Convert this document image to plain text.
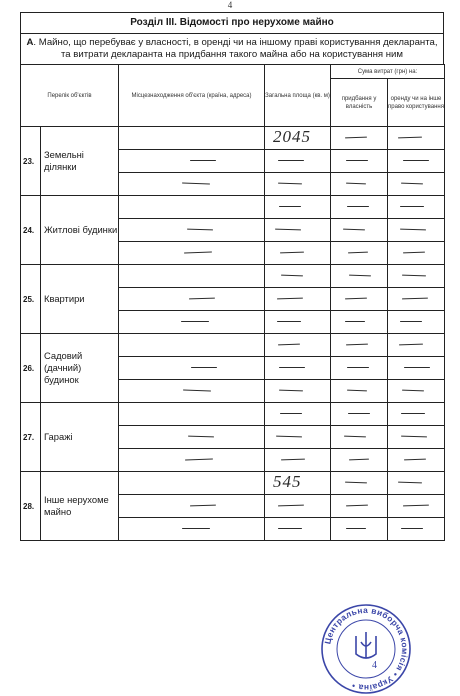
4
Розділ ІІІ. Відомості про нерухоме майно
А. Майно, що перебуває у власності, в оренді чи на іншому праві користування декларанта,
та витрати декларанта на придбання такого майна або на користування ним
Перелік об'єктів		Місцезнаходження об'єкта (країна, адреса)	Загальна площа (кв. м)	Сума витрат (грн) на:	
				придбання у власність	оренду чи на інше право користування
23.	Земельні ділянки		2045		

24.	Житлові будинки		

25.	Квартири		

26.	Садовий (дачний) будинок		

27.	Гаражі		

28.	Інше нерухоме майно		545		

Центральна виборча комісія • Україна •
4
